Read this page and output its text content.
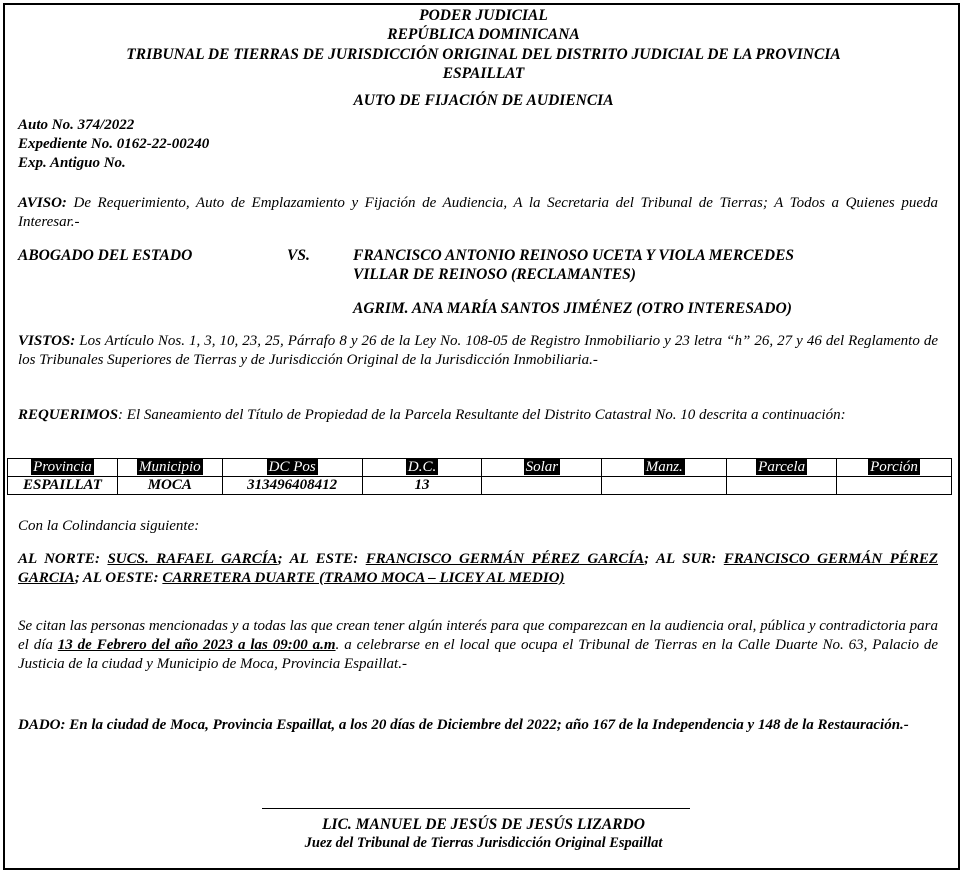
PODER JUDICIAL
REPÚBLICA DOMINICANA
TRIBUNAL DE TIERRAS DE JURISDICCIÓN ORIGINAL DEL DISTRITO JUDICIAL DE LA PROVINCIA
ESPAILLAT
AUTO DE FIJACIÓN DE AUDIENCIA
Auto No. 374/2022
Expediente No. 0162-22-00240
Exp. Antiguo No.
AVISO: De Requerimiento, Auto de Emplazamiento y Fijación de Audiencia, A la Secretaria del Tribunal de Tierras; A Todos a Quienes pueda Interesar.-
ABOGADO DEL ESTADO	VS.	FRANCISCO ANTONIO REINOSO UCETA Y VIOLA MERCEDES
VILLAR DE REINOSO (RECLAMANTES)
AGRIM. ANA MARÍA SANTOS JIMÉNEZ (OTRO INTERESADO)
VISTOS: Los Artículo Nos. 1, 3, 10, 23, 25, Párrafo 8 y 26 de la Ley No. 108-05 de Registro Inmobiliario y 23 letra “h” 26, 27 y 46 del Reglamento de los Tribunales Superiores de Tierras y de Jurisdicción Original de la Jurisdicción Inmobiliaria.-
REQUERIMOS: El Saneamiento del Título de Propiedad de la Parcela Resultante del Distrito Catastral No. 10 descrita a continuación:
Provincia	Municipio	DC Pos	D.C.	Solar	Manz.	Parcela	Porción
ESPAILLAT	MOCA	313496408412	13				
Con la Colindancia siguiente:
AL NORTE: SUCS. RAFAEL GARCÍA; AL ESTE: FRANCISCO GERMÁN PÉREZ GARCÍA; AL SUR: FRANCISCO GERMÁN PÉREZ GARCIA; AL OESTE: CARRETERA DUARTE (TRAMO MOCA – LICEY AL MEDIO)
Se citan las personas mencionadas y a todas las que crean tener algún interés para que comparezcan en la audiencia oral, pública y contradictoria para el día 13 de Febrero del año 2023 a las 09:00 a.m. a celebrarse en el local que ocupa el Tribunal de Tierras en la Calle Duarte No. 63, Palacio de Justicia de la ciudad y Municipio de Moca, Provincia Espaillat.-
DADO: En la ciudad de Moca, Provincia Espaillat, a los 20 días de Diciembre del 2022; año 167 de la Independencia y 148 de la Restauración.-
LIC. MANUEL DE JESÚS DE JESÚS LIZARDO
Juez del Tribunal de Tierras Jurisdicción Original Espaillat
